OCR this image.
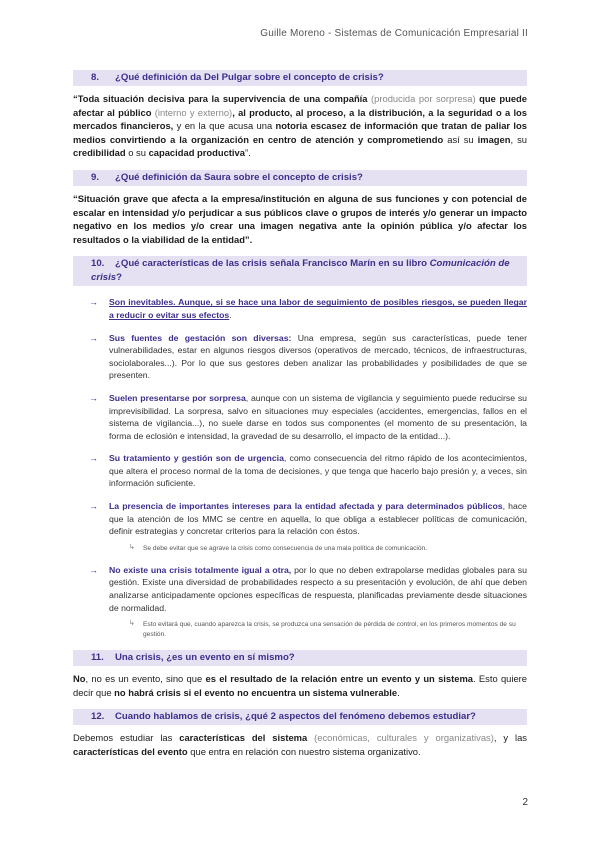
Guille Moreno - Sistemas de Comunicación Empresarial II
8. ¿Qué definición da Del Pulgar sobre el concepto de crisis?

“Toda situación decisiva para la supervivencia de una compañía (producida por sorpresa) que puede afectar al público (interno y externo), al producto, al proceso, a la distribución, a la seguridad o a los mercados financieros, y en la que acusa una notoria escasez de información que tratan de paliar los medios convirtiendo a la organización en centro de atención y comprometiendo así su imagen, su credibilidad o su capacidad productiva”.

9. ¿Qué definición da Saura sobre el concepto de crisis?

“Situación grave que afecta a la empresa/institución en alguna de sus funciones y con potencial de escalar en intensidad y/o perjudicar a sus públicos clave o grupos de interés y/o generar un impacto negativo en los medios y/o crear una imagen negativa ante la opinión pública y/o afectar los resultados o la viabilidad de la entidad”.

10. ¿Qué características de las crisis señala Francisco Marín en su libro Comunicación de crisis?
→ Son inevitables. Aunque, si se hace una labor de seguimiento de posibles riesgos, se pueden llegar a reducir o evitar sus efectos.
→ Sus fuentes de gestación son diversas: Una empresa, según sus características, puede tener vulnerabilidades, estar en algunos riesgos diversos (operativos de mercado, técnicos, de infraestructuras, sociolaborales...). Por lo que sus gestores deben analizar las probabilidades y posibilidades de que se presenten.
→ Suelen presentarse por sorpresa, aunque con un sistema de vigilancia y seguimiento puede reducirse su imprevisibilidad. La sorpresa, salvo en situaciones muy especiales (accidentes, emergencias, fallos en el sistema de vigilancia...), no suele darse en todos sus componentes (el momento de su presentación, la forma de eclosión e intensidad, la gravedad de su desarrollo, el impacto de la entidad...).
→ Su tratamiento y gestión son de urgencia, como consecuencia del ritmo rápido de los acontecimientos, que altera el proceso normal de la toma de decisiones, y que tenga que hacerlo bajo presión y, a veces, sin información suficiente.
→ La presencia de importantes intereses para la entidad afectada y para determinados públicos, hace que la atención de los MMC se centre en aquella, lo que obliga a establecer políticas de comunicación, definir estrategias y concretar criterios para la relación con éstos.
↳ Se debe evitar que se agrave la crisis como consecuencia de una mala política de comunicación.
→ No existe una crisis totalmente igual a otra, por lo que no deben extrapolarse medidas globales para su gestión. Existe una diversidad de probabilidades respecto a su presentación y evolución, de ahí que deben analizarse anticipadamente opciones específicas de respuesta, planificadas previamente desde situaciones de normalidad.
↳ Esto evitará que, cuando aparezca la crisis, se produzca una sensación de pérdida de control, en los primeros momentos de su gestión.
11. Una crisis, ¿es un evento en sí mismo?

No, no es un evento, sino que es el resultado de la relación entre un evento y un sistema. Esto quiere decir que no habrá crisis si el evento no encuentra un sistema vulnerable.

12. Cuando hablamos de crisis, ¿qué 2 aspectos del fenómeno debemos estudiar?

Debemos estudiar las características del sistema (económicas, culturales y organizativas), y las características del evento que entra en relación con nuestro sistema organizativo.

2
